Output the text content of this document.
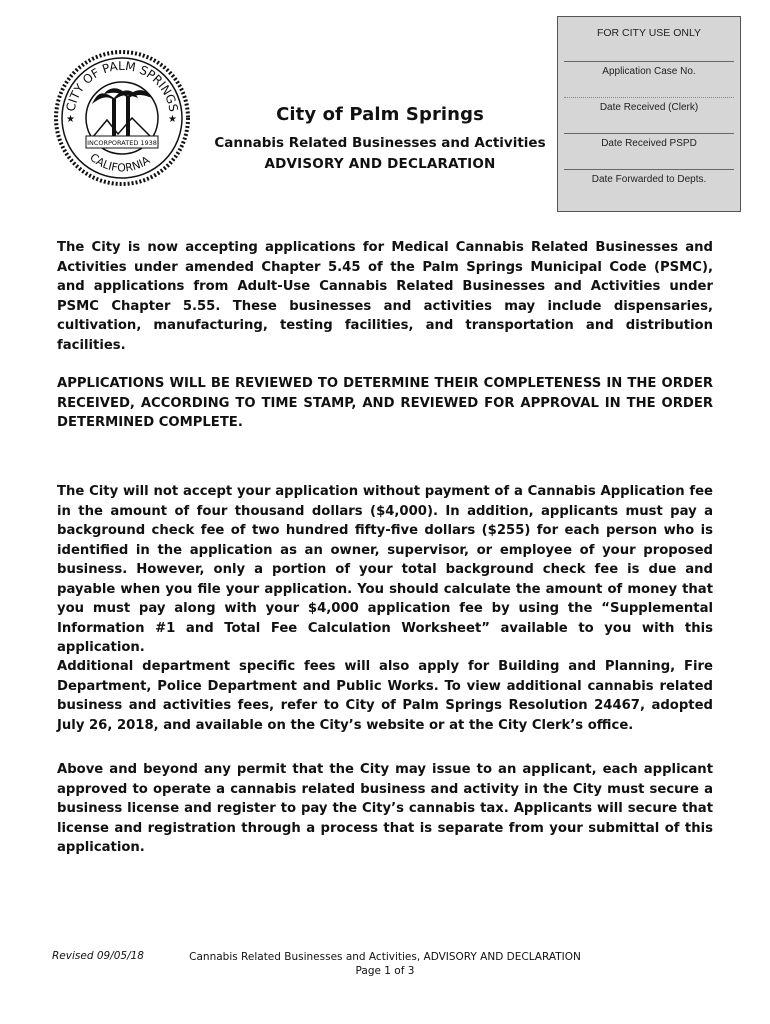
CITY OF PALM SPRINGS
CALIFORNIA
★	★
INCORPORATED 1938
City of Palm Springs
Cannabis Related Businesses and Activities
ADVISORY AND DECLARATION
FOR CITY USE ONLY
Application Case No.
Date Received (Clerk)
Date Received PSPD
Date Forwarded to Depts.
The City is now accepting applications for Medical Cannabis Related Businesses and Activities under amended Chapter 5.45 of the Palm Springs Municipal Code (PSMC), and applications from Adult-Use Cannabis Related Businesses and Activities under PSMC Chapter 5.55. These businesses and activities may include dispensaries, cultivation, manufacturing, testing facilities, and transportation and distribution facilities.
APPLICATIONS WILL BE REVIEWED TO DETERMINE THEIR COMPLETENESS IN THE ORDER RECEIVED, ACCORDING TO TIME STAMP, AND REVIEWED FOR APPROVAL IN THE ORDER DETERMINED COMPLETE.
The City will not accept your application without payment of a Cannabis Application fee in the amount of four thousand dollars ($4,000). In addition, applicants must pay a background check fee of two hundred fifty-five dollars ($255) for each person who is identified in the application as an owner, supervisor, or employee of your proposed business. However, only a portion of your total background check fee is due and payable when you file your application. You should calculate the amount of money that you must pay along with your $4,000 application fee by using the “Supplemental Information #1 and Total Fee Calculation Worksheet” available to you with this application.
Additional department specific fees will also apply for Building and Planning, Fire Department, Police Department and Public Works. To view additional cannabis related business and activities fees, refer to City of Palm Springs Resolution 24467, adopted July 26, 2018, and available on the City’s website or at the City Clerk’s office.
Above and beyond any permit that the City may issue to an applicant, each applicant approved to operate a cannabis related business and activity in the City must secure a business license and register to pay the City’s cannabis tax. Applicants will secure that license and registration through a process that is separate from your submittal of this application.
Revised 09/05/18	Cannabis Related Businesses and Activities, ADVISORY AND DECLARATION
Page 1 of 3
